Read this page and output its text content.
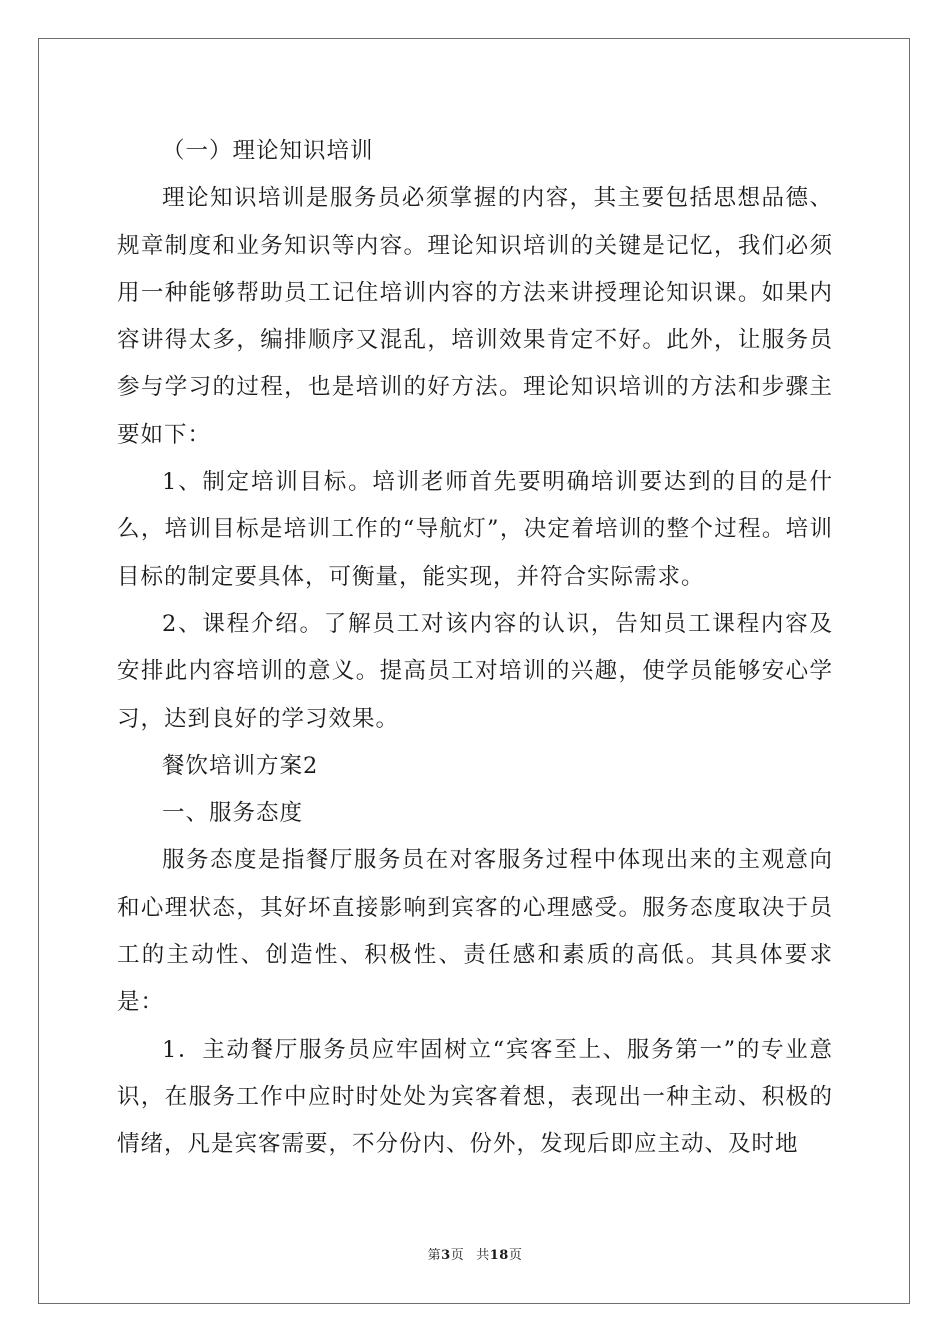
（一）理论知识培训

理论知识培训是服务员必须掌握的内容，其主要包括思想品德、规章制度和业务知识等内容。理论知识培训的关键是记忆，我们必须用一种能够帮助员工记住培训内容的方法来讲授理论知识课。如果内容讲得太多，编排顺序又混乱，培训效果肯定不好。此外，让服务员参与学习的过程，也是培训的好方法。理论知识培训的方法和步骤主要如下：

1、制定培训目标。培训老师首先要明确培训要达到的目的是什么，培训目标是培训工作的“导航灯”，决定着培训的整个过程。培训目标的制定要具体，可衡量，能实现，并符合实际需求。

2、课程介绍。了解员工对该内容的认识，告知员工课程内容及安排此内容培训的意义。提高员工对培训的兴趣，使学员能够安心学习，达到良好的学习效果。

餐饮培训方案2

一、服务态度

服务态度是指餐厅服务员在对客服务过程中体现出来的主观意向和心理状态，其好坏直接影响到宾客的心理感受。服务态度取决于员工的主动性、创造性、积极性、责任感和素质的高低。其具体要求是：

1．主动餐厅服务员应牢固树立“宾客至上、服务第一”的专业意识，在服务工作中应时时处处为宾客着想，表现出一种主动、积极的情绪，凡是宾客需要，不分份内、份外，发现后即应主动、及时地

第3页 共18页
